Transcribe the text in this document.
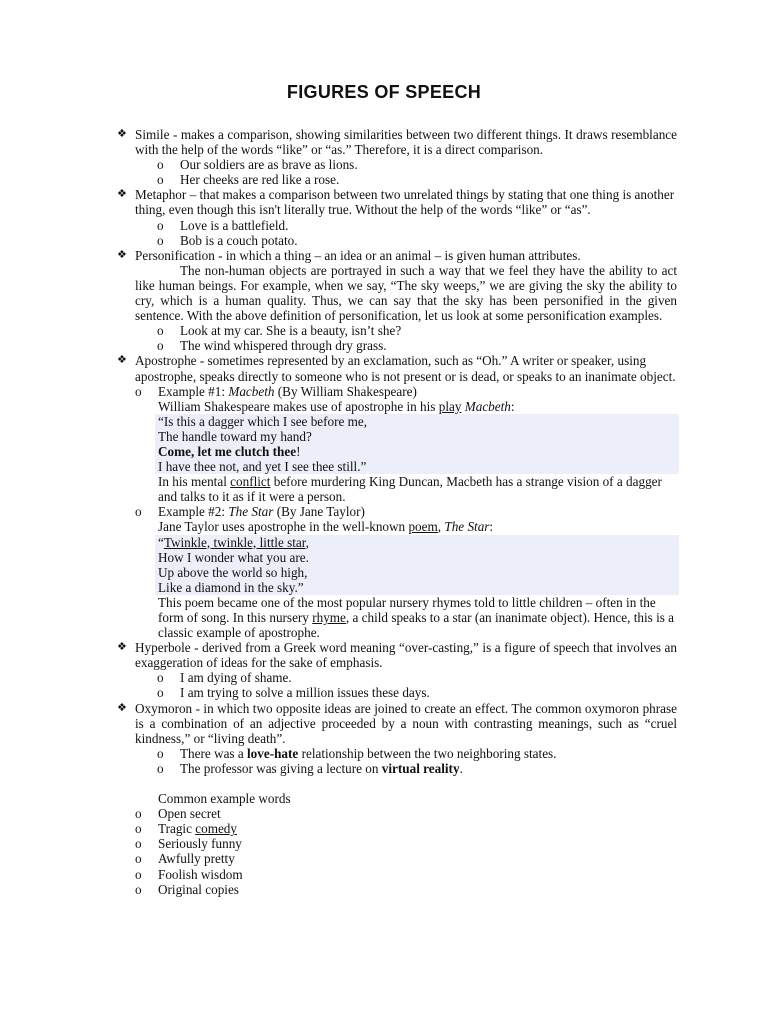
FIGURES OF SPEECH
❖ Simile - makes a comparison, showing similarities between two different things. It draws resemblance with the help of the words “like” or “as.” Therefore, it is a direct comparison.
o Our soldiers are as brave as lions.
o Her cheeks are red like a rose.
❖ Metaphor – that makes a comparison between two unrelated things by stating that one thing is another thing, even though this isn't literally true. Without the help of the words “like” or “as”.
o Love is a battlefield.
o Bob is a couch potato.
❖ Personification - in which a thing – an idea or an animal – is given human attributes.
The non-human objects are portrayed in such a way that we feel they have the ability to act like human beings. For example, when we say, “The sky weeps,” we are giving the sky the ability to cry, which is a human quality. Thus, we can say that the sky has been personified in the given sentence. With the above definition of personification, let us look at some personification examples.
o Look at my car. She is a beauty, isn’t she?
o The wind whispered through dry grass.
❖ Apostrophe - sometimes represented by an exclamation, such as “Oh.” A writer or speaker, using apostrophe, speaks directly to someone who is not present or is dead, or speaks to an inanimate object.
o Example #1: Macbeth (By William Shakespeare)
William Shakespeare makes use of apostrophe in his play Macbeth:
“Is this a dagger which I see before me,
The handle toward my hand?
Come, let me clutch thee!
I have thee not, and yet I see thee still.”
In his mental conflict before murdering King Duncan, Macbeth has a strange vision of a dagger and talks to it as if it were a person.
o Example #2: The Star (By Jane Taylor)
Jane Taylor uses apostrophe in the well-known poem, The Star:
“Twinkle, twinkle, little star,
How I wonder what you are.
Up above the world so high,
Like a diamond in the sky.”
This poem became one of the most popular nursery rhymes told to little children – often in the form of song. In this nursery rhyme, a child speaks to a star (an inanimate object). Hence, this is a classic example of apostrophe.
❖ Hyperbole - derived from a Greek word meaning “over-casting,” is a figure of speech that involves an exaggeration of ideas for the sake of emphasis.
o I am dying of shame.
o I am trying to solve a million issues these days.
❖ Oxymoron - in which two opposite ideas are joined to create an effect. The common oxymoron phrase is a combination of an adjective proceeded by a noun with contrasting meanings, such as “cruel kindness,” or “living death”.
o There was a love-hate relationship between the two neighboring states.
o The professor was giving a lecture on virtual reality.
Common example words
o Open secret
o Tragic comedy
o Seriously funny
o Awfully pretty
o Foolish wisdom
o Original copies
